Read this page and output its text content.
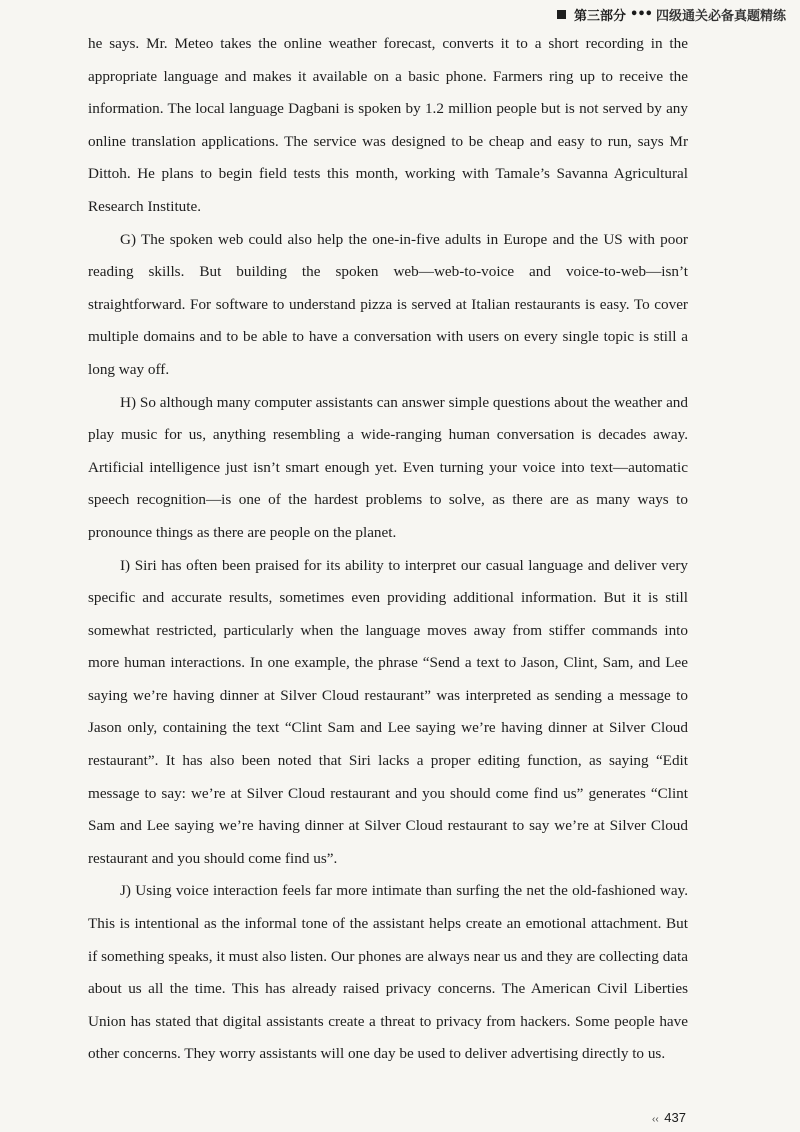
第三部分 ••• 四级通关必备真题精练

he says. Mr. Meteo takes the online weather forecast, converts it to a short recording in the appropriate language and makes it available on a basic phone. Farmers ring up to receive the information. The local language Dagbani is spoken by 1.2 million people but is not served by any online translation applications. The service was designed to be cheap and easy to run, says Mr Dittoh. He plans to begin field tests this month, working with Tamale’s Savanna Agricultural Research Institute.

G) The spoken web could also help the one-in-five adults in Europe and the US with poor reading skills. But building the spoken web—web-to-voice and voice-to-web—isn’t straightforward. For software to understand pizza is served at Italian restaurants is easy. To cover multiple domains and to be able to have a conversation with users on every single topic is still a long way off.

H) So although many computer assistants can answer simple questions about the weather and play music for us, anything resembling a wide-ranging human conversation is decades away. Artificial intelligence just isn’t smart enough yet. Even turning your voice into text—automatic speech recognition—is one of the hardest problems to solve, as there are as many ways to pronounce things as there are people on the planet.

I) Siri has often been praised for its ability to interpret our casual language and deliver very specific and accurate results, sometimes even providing additional information. But it is still somewhat restricted, particularly when the language moves away from stiffer commands into more human interactions. In one example, the phrase “Send a text to Jason, Clint, Sam, and Lee saying we’re having dinner at Silver Cloud restaurant” was interpreted as sending a message to Jason only, containing the text “Clint Sam and Lee saying we’re having dinner at Silver Cloud restaurant”. It has also been noted that Siri lacks a proper editing function, as saying “Edit message to say: we’re at Silver Cloud restaurant and you should come find us” generates “Clint Sam and Lee saying we’re having dinner at Silver Cloud restaurant to say we’re at Silver Cloud restaurant and you should come find us”.

J) Using voice interaction feels far more intimate than surfing the net the old-fashioned way. This is intentional as the informal tone of the assistant helps create an emotional attachment. But if something speaks, it must also listen. Our phones are always near us and they are collecting data about us all the time. This has already raised privacy concerns. The American Civil Liberties Union has stated that digital assistants create a threat to privacy from hackers. Some people have other concerns. They worry assistants will one day be used to deliver advertising directly to us.

‹‹ 437
